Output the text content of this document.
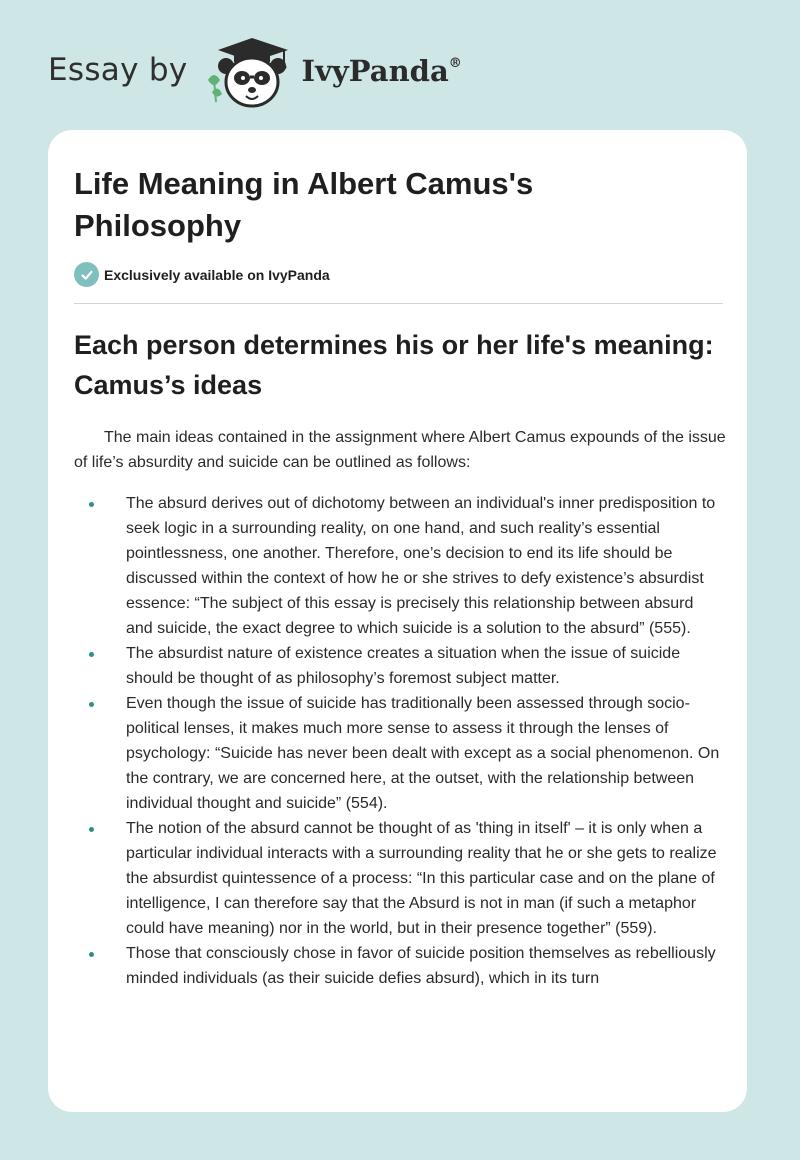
Essay by	IvyPanda®
Life Meaning in Albert Camus's Philosophy
Exclusively available on IvyPanda
Each person determines his or her life's meaning: Camus’s ideas

The main ideas contained in the assignment where Albert Camus expounds of the issue of life’s absurdity and suicide can be outlined as follows:

The absurd derives out of dichotomy between an individual's inner predisposition to seek logic in a surrounding reality, on one hand, and such reality’s essential pointlessness, one another. Therefore, one’s decision to end its life should be discussed within the context of how he or she strives to defy existence’s absurdist essence: “The subject of this essay is precisely this relationship between absurd and suicide, the exact degree to which suicide is a solution to the absurd” (555).
The absurdist nature of existence creates a situation when the issue of suicide should be thought of as philosophy’s foremost subject matter.
Even though the issue of suicide has traditionally been assessed through socio-political lenses, it makes much more sense to assess it through the lenses of psychology: “Suicide has never been dealt with except as a social phenomenon. On the contrary, we are concerned here, at the outset, with the relationship between individual thought and suicide” (554).
The notion of the absurd cannot be thought of as 'thing in itself' – it is only when a particular individual interacts with a surrounding reality that he or she gets to realize the absurdist quintessence of a process: “In this particular case and on the plane of intelligence, I can therefore say that the Absurd is not in man (if such a metaphor could have meaning) nor in the world, but in their presence together” (559).
Those that consciously chose in favor of suicide position themselves as rebelliously minded individuals (as their suicide defies absurd), which in its turn
